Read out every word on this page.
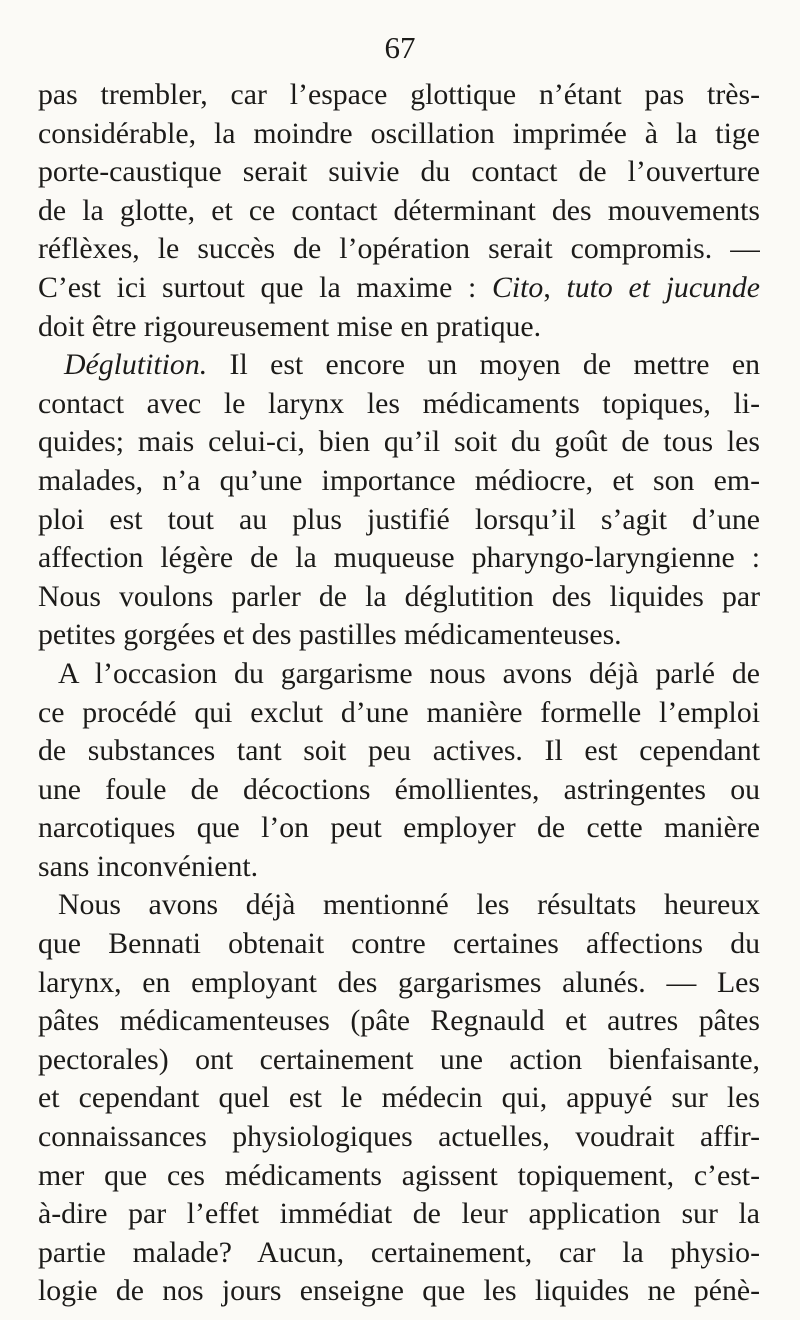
67
pas trembler, car l’espace glottique n’étant pas très-
considérable, la moindre oscillation imprimée à la tige
porte-caustique serait suivie du contact de l’ouverture
de la glotte, et ce contact déterminant des mouvements
réflèxes, le succès de l’opération serait compromis. —
C’est ici surtout que la maxime : Cito, tuto et jucunde
doit être rigoureusement mise en pratique.
Déglutition. Il est encore un moyen de mettre en
contact avec le larynx les médicaments topiques, li-
quides; mais celui-ci, bien qu’il soit du goût de tous les
malades, n’a qu’une importance médiocre, et son em-
ploi est tout au plus justifié lorsqu’il s’agit d’une
affection légère de la muqueuse pharyngo-laryngienne :
Nous voulons parler de la déglutition des liquides par
petites gorgées et des pastilles médicamenteuses.
A l’occasion du gargarisme nous avons déjà parlé de
ce procédé qui exclut d’une manière formelle l’emploi
de substances tant soit peu actives. Il est cependant
une foule de décoctions émollientes, astringentes ou
narcotiques que l’on peut employer de cette manière
sans inconvénient.
Nous avons déjà mentionné les résultats heureux
que Bennati obtenait contre certaines affections du
larynx, en employant des gargarismes alunés. — Les
pâtes médicamenteuses (pâte Regnauld et autres pâtes
pectorales) ont certainement une action bienfaisante,
et cependant quel est le médecin qui, appuyé sur les
connaissances physiologiques actuelles, voudrait affir-
mer que ces médicaments agissent topiquement, c’est-
à-dire par l’effet immédiat de leur application sur la
partie malade? Aucun, certainement, car la physio-
logie de nos jours enseigne que les liquides ne pénè-
